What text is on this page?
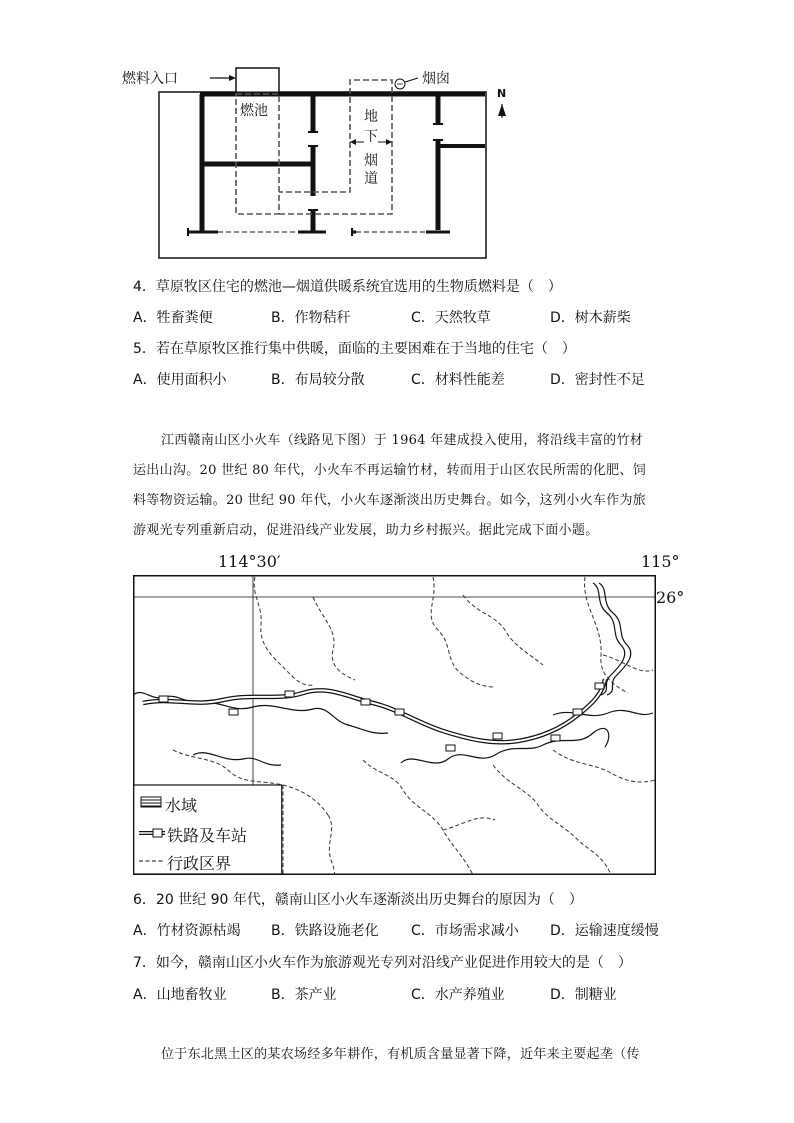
燃料入口	烟囱
燃池	地
下
烟
道
N
4．草原牧区住宅的燃池—烟道供暖系统宜选用的生物质燃料是（　）
A．牲畜粪便	B．作物秸秆	C．天然牧草	D．树木薪柴
5．若在草原牧区推行集中供暖，面临的主要困难在于当地的住宅（　）
A．使用面积小	B．布局较分散	C．材料性能差	D．密封性不足
江西赣南山区小火车（线路见下图）于 1964 年建成投入使用，将沿线丰富的竹材
运出山沟。20 世纪 80 年代，小火车不再运输竹材，转而用于山区农民所需的化肥、饲
料等物资运输。20 世纪 90 年代，小火车逐渐淡出历史舞台。如今，这列小火车作为旅
游观光专列重新启动，促进沿线产业发展，助力乡村振兴。据此完成下面小题。
114°30′	115°
26°
水域
铁路及车站
行政区界
6．20 世纪 90 年代，赣南山区小火车逐渐淡出历史舞台的原因为（　）
A．竹材资源枯竭 B．铁路设施老化 C．市场需求减小 D．运输速度缓慢
7．如今，赣南山区小火车作为旅游观光专列对沿线产业促进作用较大的是（　）
A．山地畜牧业	B．茶产业	C．水产养殖业	D．制糖业
位于东北黑土区的某农场经多年耕作，有机质含量显著下降，近年来主要起垄（传
